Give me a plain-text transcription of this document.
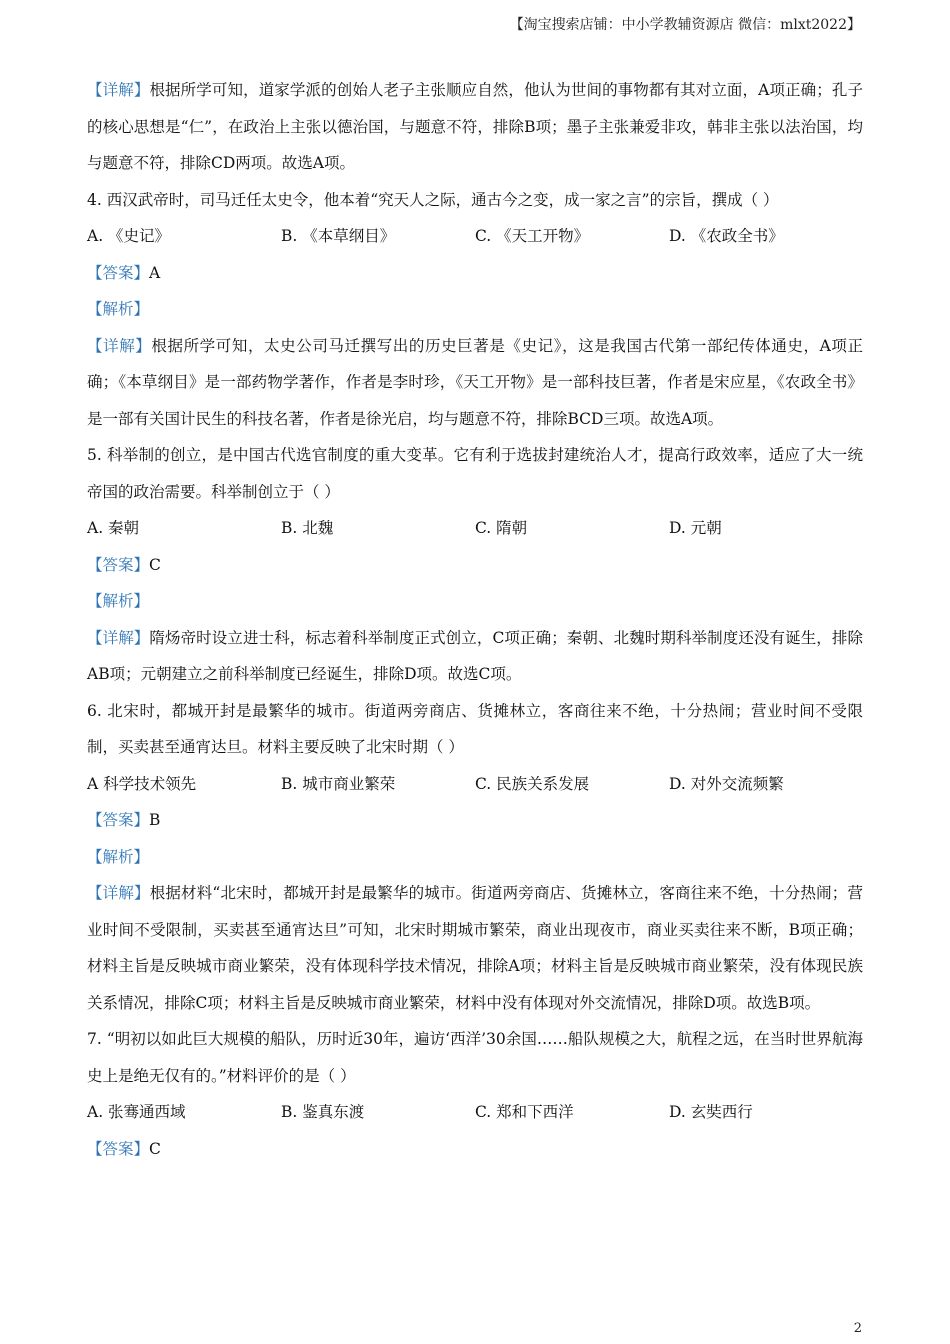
【淘宝搜索店铺：中小学教辅资源店 微信：mlxt2022】

【详解】根据所学可知，道家学派的创始人老子主张顺应自然，他认为世间的事物都有其对立面，A项正确；孔子的核心思想是“仁”，在政治上主张以德治国，与题意不符，排除B项；墨子主张兼爱非攻，韩非主张以法治国，均与题意不符，排除CD两项。故选A项。

4. 西汉武帝时，司马迁任太史令，他本着“究天人之际，通古今之变，成一家之言”的宗旨，撰成（ ）

A. 《史记》	B. 《本草纲目》	C. 《天工开物》	D. 《农政全书》

【答案】A

【解析】

【详解】根据所学可知，太史公司马迁撰写出的历史巨著是《史记》，这是我国古代第一部纪传体通史，A项正确；《本草纲目》是一部药物学著作，作者是李时珍，《天工开物》是一部科技巨著，作者是宋应星，《农政全书》是一部有关国计民生的科技名著，作者是徐光启，均与题意不符，排除BCD三项。故选A项。

5. 科举制的创立，是中国古代选官制度的重大变革。它有利于选拔封建统治人才，提高行政效率，适应了大一统帝国的政治需要。科举制创立于（ ）

A. 秦朝	B. 北魏	C. 隋朝	D. 元朝

【答案】C

【解析】

【详解】隋炀帝时设立进士科，标志着科举制度正式创立，C项正确；秦朝、北魏时期科举制度还没有诞生，排除AB项；元朝建立之前科举制度已经诞生，排除D项。故选C项。

6. 北宋时，都城开封是最繁华的城市。街道两旁商店、货摊林立，客商往来不绝，十分热闹；营业时间不受限制，买卖甚至通宵达旦。材料主要反映了北宋时期（ ）

A 科学技术领先	B. 城市商业繁荣	C. 民族关系发展	D. 对外交流频繁

【答案】B

【解析】

【详解】根据材料“北宋时，都城开封是最繁华的城市。街道两旁商店、货摊林立，客商往来不绝，十分热闹；营业时间不受限制，买卖甚至通宵达旦”可知，北宋时期城市繁荣，商业出现夜市，商业买卖往来不断，B项正确；材料主旨是反映城市商业繁荣，没有体现科学技术情况，排除A项；材料主旨是反映城市商业繁荣，没有体现民族关系情况，排除C项；材料主旨是反映城市商业繁荣，材料中没有体现对外交流情况，排除D项。故选B项。

7. “明初以如此巨大规模的船队，历时近30年，遍访‘西洋’30余国……船队规模之大，航程之远，在当时世界航海史上是绝无仅有的。”材料评价的是（ ）

A. 张骞通西域	B. 鉴真东渡	C. 郑和下西洋	D. 玄奘西行

【答案】C

2
